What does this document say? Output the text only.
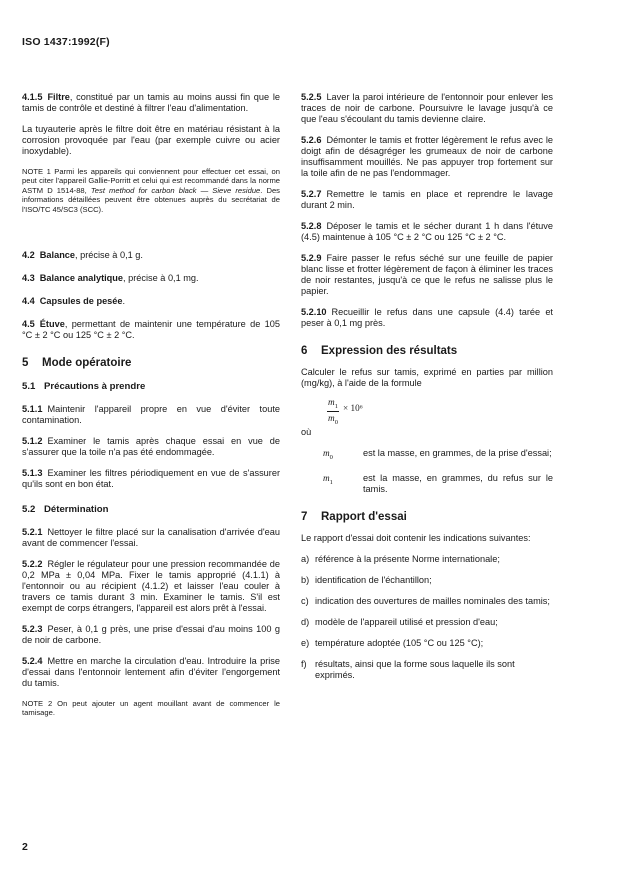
ISO 1437:1992(F)

4.1.5 Filtre, constitué par un tamis au moins aussi fin que le tamis de contrôle et destiné à filtrer l'eau d'alimentation.

La tuyauterie après le filtre doit être en matériau résistant à la corrosion provoquée par l'eau (par exemple cuivre ou acier inoxydable).

NOTE 1 Parmi les appareils qui conviennent pour effectuer cet essai, on peut citer l'appareil Gallie-Porritt et celui qui est recommandé dans la norme ASTM D 1514-88, Test method for carbon black — Sieve residue. Des informations détaillées peuvent être obtenues auprès du secrétariat de l'ISO/TC 45/SC3 (SCC).

4.2 Balance, précise à 0,1 g.

4.3 Balance analytique, précise à 0,1 mg.

4.4 Capsules de pesée.

4.5 Étuve, permettant de maintenir une température de 105 °C ± 2 °C ou 125 °C ± 2 °C.

5 Mode opératoire
5.1 Précautions à prendre

5.1.1 Maintenir l'appareil propre en vue d'éviter toute contamination.

5.1.2 Examiner le tamis après chaque essai en vue de s'assurer que la toile n'a pas été endommagée.

5.1.3 Examiner les filtres périodiquement en vue de s'assurer qu'ils sont en bon état.

5.2 Détermination

5.2.1 Nettoyer le filtre placé sur la canalisation d'arrivée d'eau avant de commencer l'essai.

5.2.2 Régler le régulateur pour une pression recommandée de 0,2 MPa ± 0,04 MPa. Fixer le tamis approprié (4.1.1) à l'entonnoir ou au récipient (4.1.2) et laisser l'eau couler à travers ce tamis durant 3 min. Examiner le tamis. S'il est exempt de corps étrangers, l'appareil est alors prêt à l'essai.

5.2.3 Peser, à 0,1 g près, une prise d'essai d'au moins 100 g de noir de carbone.

5.2.4 Mettre en marche la circulation d'eau. Introduire la prise d'essai dans l'entonnoir lentement afin d'éviter l'engorgement du tamis.

NOTE 2 On peut ajouter un agent mouillant avant de commencer le tamisage.

5.2.5 Laver la paroi intérieure de l'entonnoir pour enlever les traces de noir de carbone. Poursuivre le lavage jusqu'à ce que l'eau s'écoulant du tamis devienne claire.

5.2.6 Démonter le tamis et frotter légèrement le refus avec le doigt afin de désagréger les grumeaux de noir de carbone insuffisamment mouillés. Ne pas appuyer trop fortement sur la toile afin de ne pas l'endommager.

5.2.7 Remettre le tamis en place et reprendre le lavage durant 2 min.

5.2.8 Déposer le tamis et le sécher durant 1 h dans l'étuve (4.5) maintenue à 105 °C ± 2 °C ou 125 °C ± 2 °C.

5.2.9 Faire passer le refus séché sur une feuille de papier blanc lisse et frotter légèrement de façon à éliminer les traces de noir restantes, jusqu'à ce que le refus ne salisse plus le papier.

5.2.10 Recueillir le refus dans une capsule (4.4) tarée et peser à 0,1 mg près.

6 Expression des résultats

Calculer le refus sur tamis, exprimé en parties par million (mg/kg), à l'aide de la formule

$m_1$
$m_0$
× 10⁶

où

$m_0$	est la masse, en grammes, de la prise d'essai;
$m_1$	est la masse, en grammes, du refus sur le tamis.
7 Rapport d'essai

Le rapport d'essai doit contenir les indications suivantes:

a) référence à la présente Norme internationale;
b) identification de l'échantillon;
c) indication des ouvertures de mailles nominales des tamis;
d) modèle de l'appareil utilisé et pression d'eau;
e) température adoptée (105 °C ou 125 °C);
f) résultats, ainsi que la forme sous laquelle ils sont exprimés.
2
